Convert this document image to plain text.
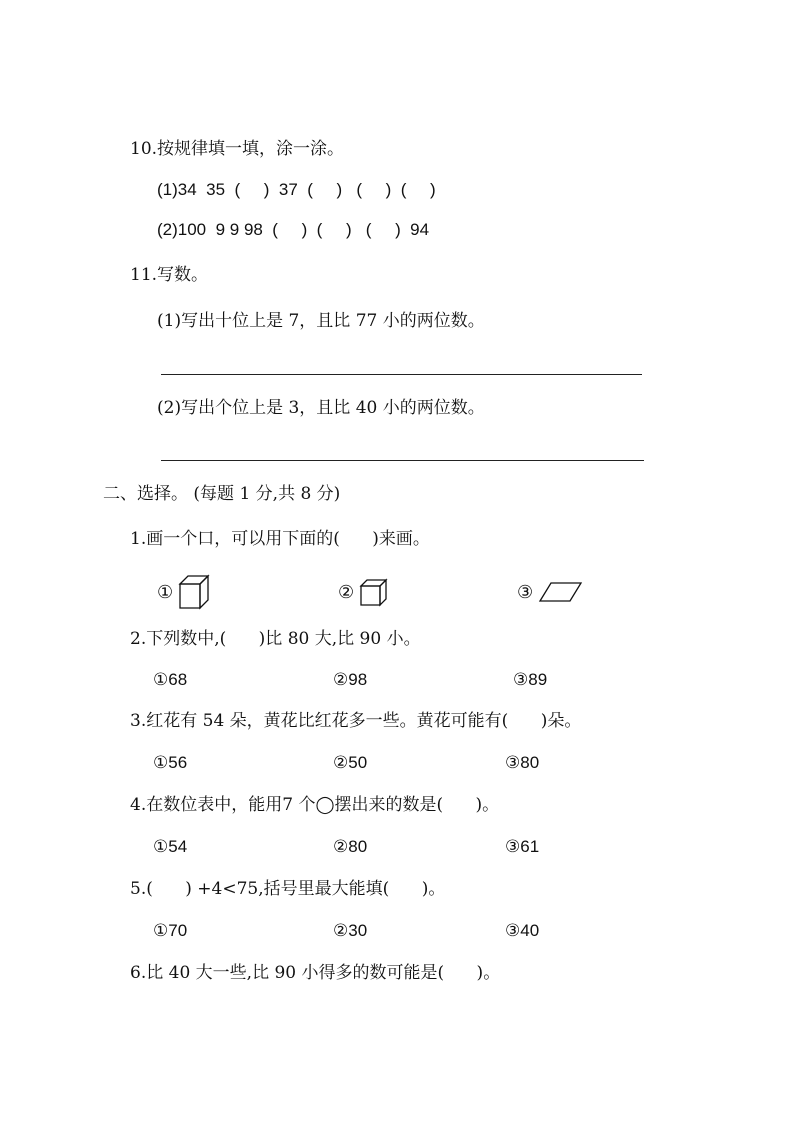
10.按规律填一填，涂一涂。
(1)34  35  (     )  37  (     )   (     )  (     )
(2)100  9 9 98  (     )  (     )   (     )  94
11.写数。
(1)写出十位上是 7，且比 77 小的两位数。
(2)写出个位上是 3，且比 40 小的两位数。
二、选择。 (每题 1 分,共 8 分)
1.画一个口，可以用下面的(      )来画。
①	②	③
2.下列数中,(      )比 80 大,比 90 小。
①68	②98	③89
3.红花有 54 朵，黄花比红花多一些。黄花可能有(      )朵。
①56	②50	③80
4.在数位表中，能用7 个◯摆出来的数是(      )。
①54	②80	③61
5.(      ) +4<75,括号里最大能填(      )。
①70	②30	③40
6.比 40 大一些,比 90 小得多的数可能是(      )。
